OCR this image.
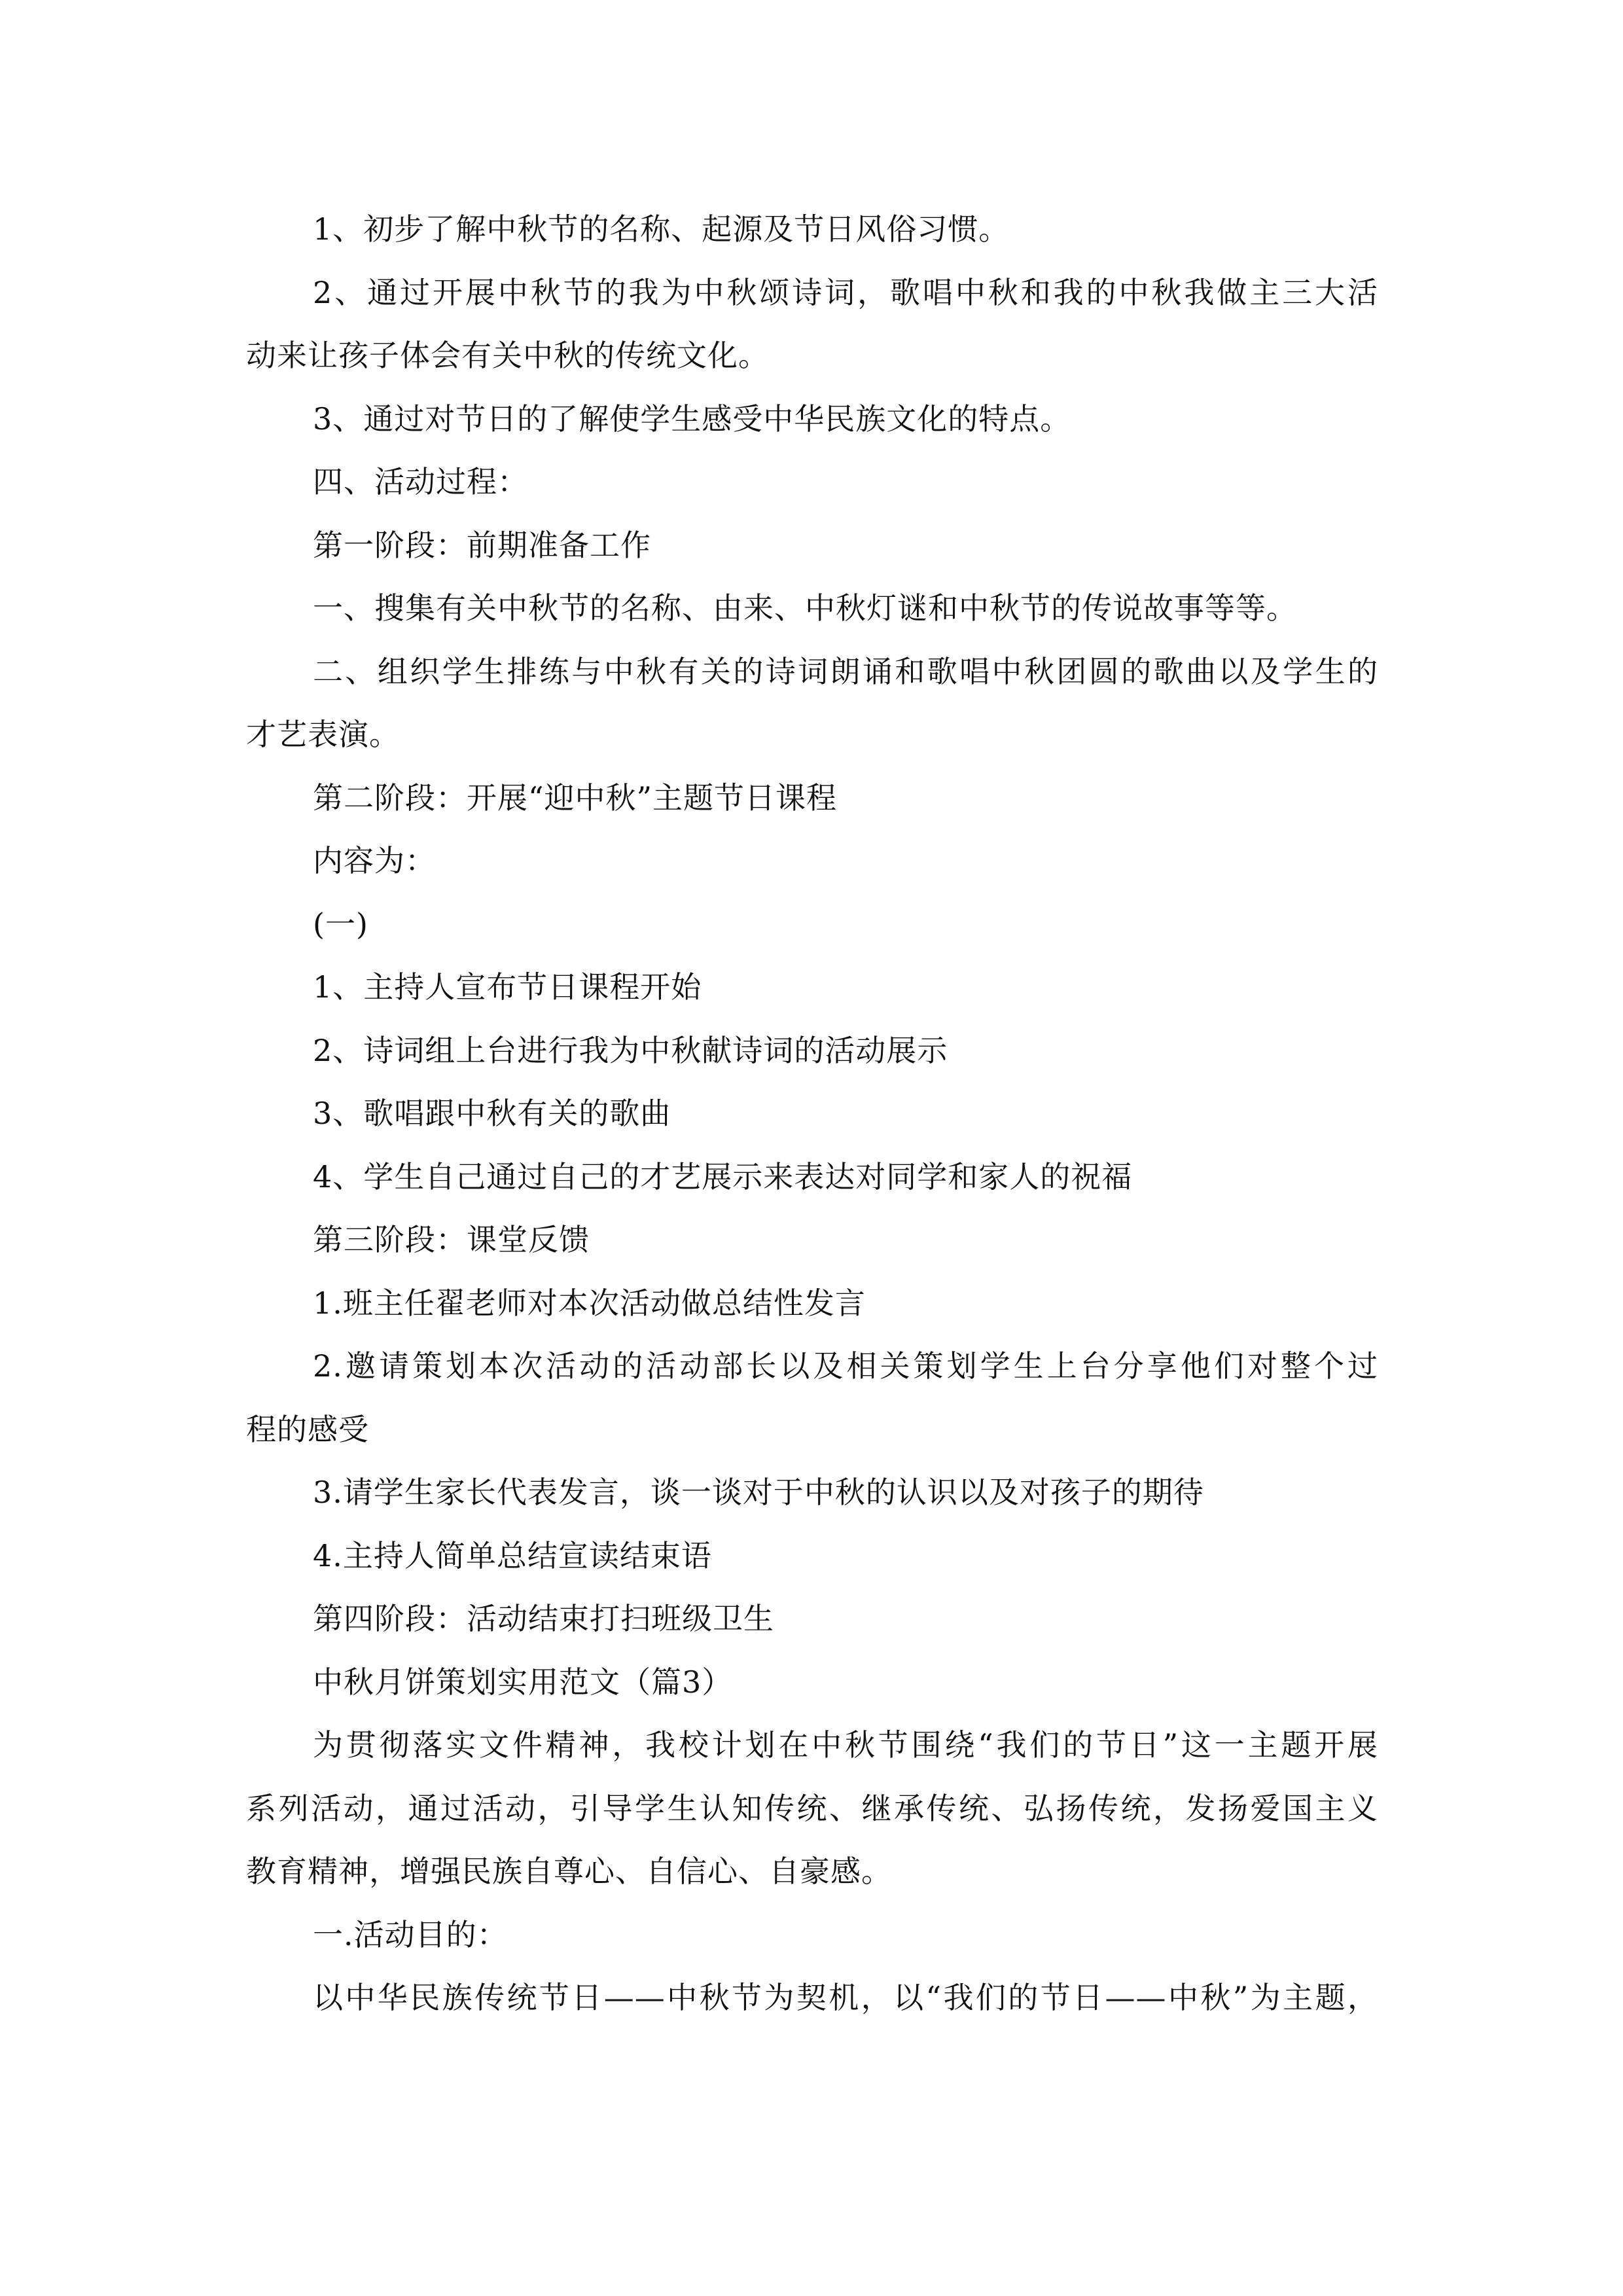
1、初步了解中秋节的名称、起源及节日风俗习惯。
2、通过开展中秋节的我为中秋颂诗词，歌唱中秋和我的中秋我做主三大活
动来让孩子体会有关中秋的传统文化。
3、通过对节日的了解使学生感受中华民族文化的特点。
四、活动过程：
第一阶段：前期准备工作
一、搜集有关中秋节的名称、由来、中秋灯谜和中秋节的传说故事等等。
二、组织学生排练与中秋有关的诗词朗诵和歌唱中秋团圆的歌曲以及学生的
才艺表演。
第二阶段：开展“迎中秋”主题节日课程
内容为：
(一)
1、主持人宣布节日课程开始
2、诗词组上台进行我为中秋献诗词的活动展示
3、歌唱跟中秋有关的歌曲
4、学生自己通过自己的才艺展示来表达对同学和家人的祝福
第三阶段：课堂反馈
1.班主任翟老师对本次活动做总结性发言
2.邀请策划本次活动的活动部长以及相关策划学生上台分享他们对整个过
程的感受
3.请学生家长代表发言，谈一谈对于中秋的认识以及对孩子的期待
4.主持人简单总结宣读结束语
第四阶段：活动结束打扫班级卫生
中秋月饼策划实用范文（篇3）
为贯彻落实文件精神，我校计划在中秋节围绕“我们的节日”这一主题开展
系列活动，通过活动，引导学生认知传统、继承传统、弘扬传统，发扬爱国主义
教育精神，增强民族自尊心、自信心、自豪感。
一.活动目的：
以中华民族传统节日——中秋节为契机，以“我们的节日——中秋”为主题，
